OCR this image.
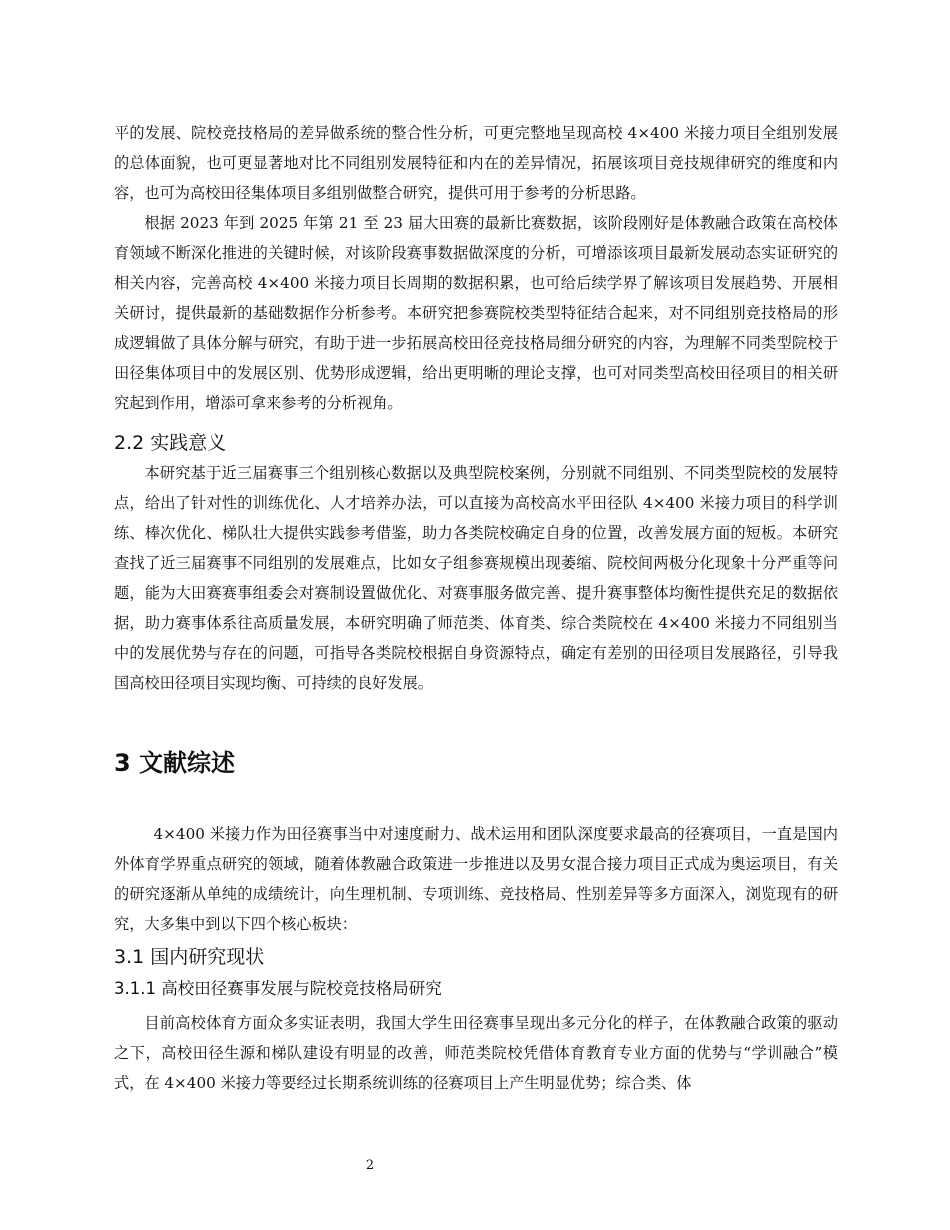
平的发展、院校竞技格局的差异做系统的整合性分析，可更完整地呈现高校 4×400 米接力项目全组别发展的总体面貌，也可更显著地对比不同组别发展特征和内在的差异情况，拓展该项目竞技规律研究的维度和内容，也可为高校田径集体项目多组别做整合研究，提供可用于参考的分析思路。

根据 2023 年到 2025 年第 21 至 23 届大田赛的最新比赛数据，该阶段刚好是体教融合政策在高校体育领域不断深化推进的关键时候，对该阶段赛事数据做深度的分析，可增添该项目最新发展动态实证研究的相关内容，完善高校 4×400 米接力项目长周期的数据积累，也可给后续学界了解该项目发展趋势、开展相关研讨，提供最新的基础数据作分析参考。本研究把参赛院校类型特征结合起来，对不同组别竞技格局的形成逻辑做了具体分解与研究，有助于进一步拓展高校田径竞技格局细分研究的内容，为理解不同类型院校于田径集体项目中的发展区别、优势形成逻辑，给出更明晰的理论支撑，也可对同类型高校田径项目的相关研究起到作用，增添可拿来参考的分析视角。

2.2 实践意义

本研究基于近三届赛事三个组别核心数据以及典型院校案例，分别就不同组别、不同类型院校的发展特点，给出了针对性的训练优化、人才培养办法，可以直接为高校高水平田径队 4×400 米接力项目的科学训练、棒次优化、梯队壮大提供实践参考借鉴，助力各类院校确定自身的位置，改善发展方面的短板。本研究查找了近三届赛事不同组别的发展难点，比如女子组参赛规模出现萎缩、院校间两极分化现象十分严重等问题，能为大田赛赛事组委会对赛制设置做优化、对赛事服务做完善、提升赛事整体均衡性提供充足的数据依据，助力赛事体系往高质量发展，本研究明确了师范类、体育类、综合类院校在 4×400 米接力不同组别当中的发展优势与存在的问题，可指导各类院校根据自身资源特点，确定有差别的田径项目发展路径，引导我国高校田径项目实现均衡、可持续的良好发展。

3 文献综述

4×400 米接力作为田径赛事当中对速度耐力、战术运用和团队深度要求最高的径赛项目，一直是国内外体育学界重点研究的领域，随着体教融合政策进一步推进以及男女混合接力项目正式成为奥运项目，有关的研究逐渐从单纯的成绩统计，向生理机制、专项训练、竞技格局、性别差异等多方面深入，浏览现有的研究，大多集中到以下四个核心板块：

3.1 国内研究现状
3.1.1 高校田径赛事发展与院校竞技格局研究

目前高校体育方面众多实证表明，我国大学生田径赛事呈现出多元分化的样子，在体教融合政策的驱动之下，高校田径生源和梯队建设有明显的改善，师范类院校凭借体育教育专业方面的优势与“学训融合”模式，在 4×400 米接力等要经过长期系统训练的径赛项目上产生明显优势；综合类、体

2
